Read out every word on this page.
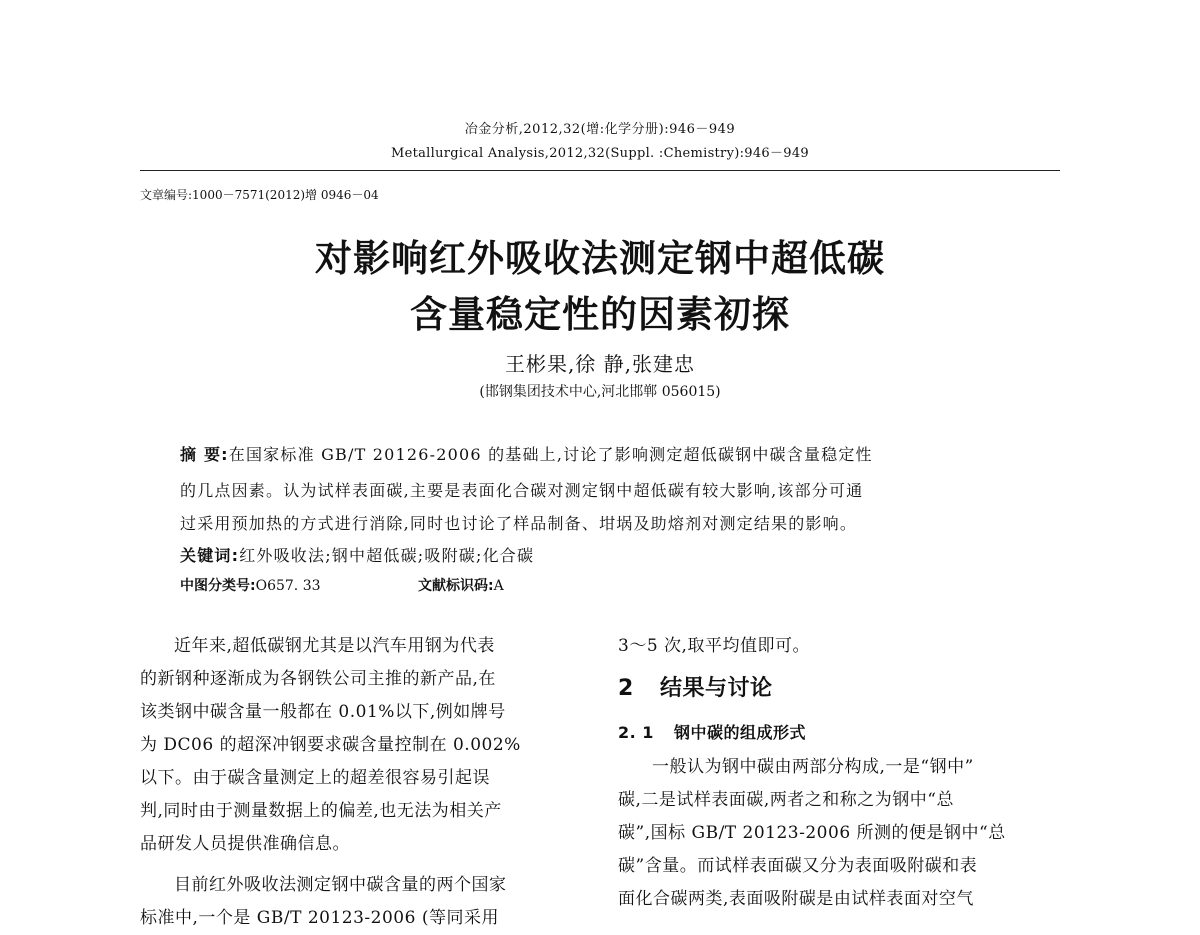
冶金分析,2012,32(增:化学分册):946－949
Metallurgical Analysis,2012,32(Suppl. :Chemistry):946－949
文章编号:1000－7571(2012)增 0946－04
对影响红外吸收法测定钢中超低碳
含量稳定性的因素初探
王彬果,徐 静,张建忠
(邯钢集团技术中心,河北邯郸 056015)
摘 要:在国家标准 GB/T 20126-2006 的基础上,讨论了影响测定超低碳钢中碳含量稳定性
的几点因素。认为试样表面碳,主要是表面化合碳对测定钢中超低碳有较大影响,该部分可通
过采用预加热的方式进行消除,同时也讨论了样品制备、坩埚及助熔剂对测定结果的影响。
关键词:红外吸收法;钢中超低碳;吸附碳;化合碳
中图分类号:O657. 33	文献标识码:A
近年来,超低碳钢尤其是以汽车用钢为代表
的新钢种逐渐成为各钢铁公司主推的新产品,在
该类钢中碳含量一般都在 0.01%以下,例如牌号
为 DC06 的超深冲钢要求碳含量控制在 0.002%
以下。由于碳含量测定上的超差很容易引起误
判,同时由于测量数据上的偏差,也无法为相关产
品研发人员提供准确信息。
目前红外吸收法测定钢中碳含量的两个国家
标准中,一个是 GB/T 20123-2006 (等同采用
3～5 次,取平均值即可。
2 结果与讨论
2. 1 钢中碳的组成形式
一般认为钢中碳由两部分构成,一是“钢中”
碳,二是试样表面碳,两者之和称之为钢中“总
碳”,国标 GB/T 20123-2006 所测的便是钢中“总
碳”含量。而试样表面碳又分为表面吸附碳和表
面化合碳两类,表面吸附碳是由试样表面对空气
